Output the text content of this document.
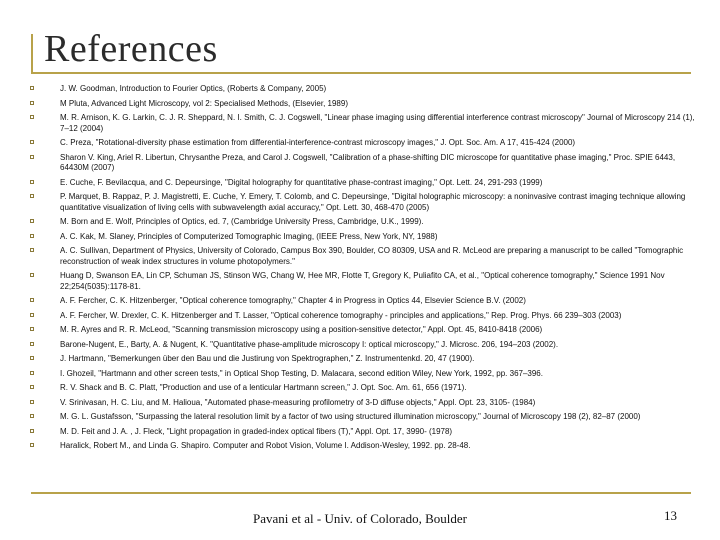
References
J. W. Goodman, Introduction to Fourier Optics, (Roberts & Company, 2005)
M Pluta, Advanced Light Microscopy, vol 2: Specialised Methods, (Elsevier, 1989)
M. R. Arnison, K. G. Larkin, C. J. R. Sheppard, N. I. Smith, C. J. Cogswell, "Linear phase imaging using differential interference contrast microscopy" Journal of Microscopy 214 (1), 7–12 (2004)
C. Preza, "Rotational-diversity phase estimation from differential-interference-contrast microscopy images," J. Opt. Soc. Am. A 17, 415-424 (2000)
Sharon V. King, Ariel R. Libertun, Chrysanthe Preza, and Carol J. Cogswell, "Calibration of a phase-shifting DIC microscope for quantitative phase imaging," Proc. SPIE 6443, 64430M (2007)
E. Cuche, F. Bevilacqua, and C. Depeursinge, "Digital holography for quantitative phase-contrast imaging," Opt. Lett. 24, 291-293 (1999)
P. Marquet, B. Rappaz, P. J. Magistretti, E. Cuche, Y. Emery, T. Colomb, and C. Depeursinge, "Digital holographic microscopy: a noninvasive contrast imaging technique allowing quantitative visualization of living cells with subwavelength axial accuracy," Opt. Lett. 30, 468-470 (2005)
M. Born and E. Wolf, Principles of Optics, ed. 7, (Cambridge University Press, Cambridge, U.K., 1999).
A. C. Kak, M. Slaney, Principles of Computerized Tomographic Imaging, (IEEE Press, New York, NY, 1988)
A. C. Sullivan, Department of Physics, University of Colorado, Campus Box 390, Boulder, CO 80309, USA and R. McLeod are preparing a manuscript to be called "Tomographic reconstruction of weak index structures in volume photopolymers."
Huang D, Swanson EA, Lin CP, Schuman JS, Stinson WG, Chang W, Hee MR, Flotte T, Gregory K, Puliafito CA, et al., "Optical coherence tomography," Science 1991 Nov 22;254(5035):1178-81.
A. F. Fercher, C. K. Hitzenberger, "Optical coherence tomography," Chapter 4 in Progress in Optics 44, Elsevier Science B.V. (2002)
A. F. Fercher, W. Drexler, C. K. Hitzenberger and T. Lasser, "Optical coherence tomography - principles and applications," Rep. Prog. Phys. 66 239–303 (2003)
M. R. Ayres and R. R. McLeod, "Scanning transmission microscopy using a position-sensitive detector," Appl. Opt. 45, 8410-8418 (2006)
Barone-Nugent, E., Barty, A. & Nugent, K. "Quantitative phase-amplitude microscopy I: optical microscopy," J. Microsc. 206, 194–203 (2002).
J. Hartmann, "Bemerkungen über den Bau und die Justirung von Spektrographen," Z. Instrumentenkd. 20, 47 (1900).
I. Ghozeil, "Hartmann and other screen tests," in Optical Shop Testing, D. Malacara, second edition Wiley, New York, 1992, pp. 367–396.
R. V. Shack and B. C. Platt, "Production and use of a lenticular Hartmann screen," J. Opt. Soc. Am. 61, 656 (1971).
V. Srinivasan, H. C. Liu, and M. Halioua, "Automated phase-measuring profilometry of 3-D diffuse objects," Appl. Opt. 23, 3105- (1984)
M. G. L. Gustafsson, "Surpassing the lateral resolution limit by a factor of two using structured illumination microscopy," Journal of Microscopy 198 (2), 82–87 (2000)
M. D. Feit and J. A. , J. Fleck, "Light propagation in graded-index optical fibers (T)," Appl. Opt. 17, 3990- (1978)
Haralick, Robert M., and Linda G. Shapiro. Computer and Robot Vision, Volume I. Addison-Wesley, 1992. pp. 28-48.
Pavani et al - Univ. of Colorado, Boulder	13
